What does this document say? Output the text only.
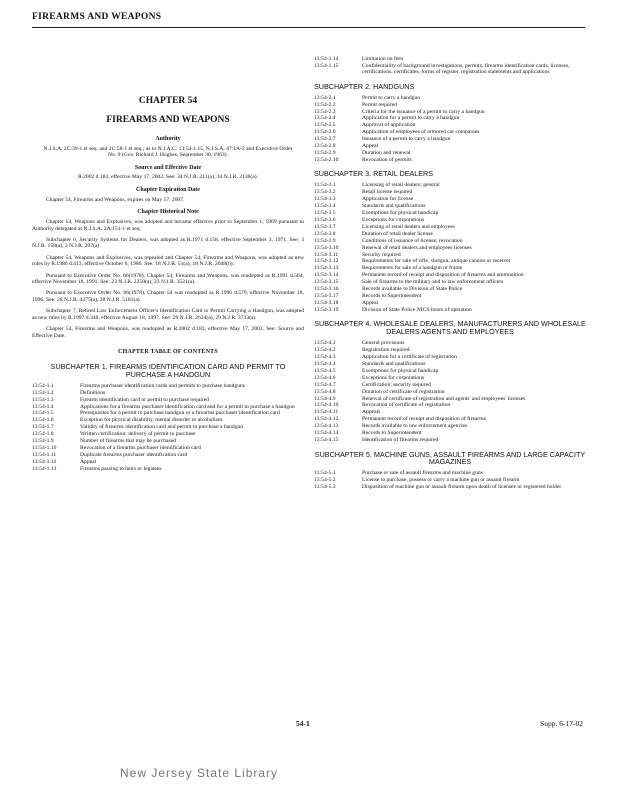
FIREARMS AND WEAPONS
CHAPTER 54
FIREARMS AND WEAPONS
Authority
N.J.S.A. 2C:39-1 et seq. and 2C:58-1 et seq.; as to N.J.A.C. 13:54-1.15, N.J.S.A. 47:1A-2 and Executive Order No. 9 (Gov. Richard J. Hughes, September 30, 1963).
Source and Effective Date
R.2002 d.183, effective May 17, 2002. See: 34 N.J.R. 211(a), 34 N.J.R. 2136(a).
Chapter Expiration Date
Chapter 54, Firearms and Weapons, expires on May 17, 2007.
Chapter Historical Note
Chapter 54, Weapons and Explosives, was adopted and became effective prior to September 1, 1969 pursuant to Authority delegated at N.J.S.A. 2A:151-1 et seq.
Subchapter 6, Security Systems for Dealers, was adopted as R.1971 d.158, effective September 3, 1971. See: 3 N.J.R. 158(a), 3 N.J.R. 207(a).
Chapter 54, Weapons and Explosives, was repealed and Chapter 54, Firearms and Weapons, was adopted as new rules by R.1986 d.413, effective October 6, 1986. See: 18 N.J.R. 51(a), 18 N.J.R. 2048(b).
Pursuant to Executive Order No. 66(1978), Chapter 54, Firearms and Weapons, was readopted as R.1991 d.564, effective November 18, 1991. See: 23 N.J.R. 2250(a), 23 N.J.R. 3521(a).
Pursuant to Executive Order No. 66(1978), Chapter 54 was readopted as R.1996 d.579, effective November 18, 1996. See: 28 N.J.R. 4375(a), 28 N.J.R. 5181(a).
Subchapter 7, Retired Law Enforcement Officer's Identification Card to Permit Carrying a Handgun, was adopted as new rules by R.1997 d.348, effective August 18, 1997. See: 29 N.J.R. 2624(a), 29 N.J.R. 3733(a).
Chapter 54, Firearms and Weapons, was readopted as R.2002 d.183, effective May 17, 2002. See: Source and Effective Date.
CHAPTER TABLE OF CONTENTS
SUBCHAPTER 1. FIREARMS IDENTIFICATION CARD AND PERMIT TO PURCHASE A HANDGUN
13:54-1.1	Firearms purchaser identification cards and permits to purchase handguns
13:54-1.2	Definitions
13:54-1.3	Firearm identification card or permit to purchase required
13:54-1.4	Applications for a firearms purchaser identification card and for a permit to purchase a handgun
13:54-1.5	Prerequisites for a permit to purchase handgun or a firearms purchaser identification card
13:54-1.6	Exception for physical disability, mental disorder or alcoholism
13:54-1.7	Validity of firearms identification card and permit to purchase a handgun
13:54-1.8	Written certification; delivery of permit to purchase
13:54-1.9	Number of firearms that may be purchased
13:54-1.10	Revocation of a firearms purchaser identification card
13:54-1.11	Duplicate firearms purchaser identification card
13:54-1.12	Appeal
13:54-1.13	Firearms passing to heirs or legatees
13:54-1.14	Limitation on fees
13:54-1.15	Confidentiality of background investigations, permits, firearms identification cards, licenses, certifications, certificates, forms of register, registration statements and applications
SUBCHAPTER 2. HANDGUNS
13:54-2.1	Permit to carry a handgun
13:54-2.2	Permit required
13:54-2.3	Criteria for the issuance of a permit to carry a handgun
13:54-2.4	Application for a permit to carry a handgun
13:54-2.5	Approval of application
13:54-2.6	Application of employees of armored car companies
13:54-2.7	Issuance of a permit to carry a handgun
13:54-2.8	Appeal
13:54-2.9	Duration and renewal
13:54-2.10	Revocation of permits
SUBCHAPTER 3. RETAIL DEALERS
13:54-3.1	Licensing of retail dealers; general
13:54-3.2	Retail license required
13:54-3.3	Application for license
13:54-3.4	Standards and qualifications
13:54-3.5	Exemptions for physical handicap
13:54-3.6	Exceptions for corporations
13:54-3.7	Licensing of retail dealers and employees
13:54-3.8	Duration of retail dealer license
13:54-3.9	Conditions of issuance of license; revocation
13:54-3.10	Renewal of retail dealers and employees licenses
13:54-3.11	Security required
13:54-3.12	Requirements for sale of rifle, shotgun, antique cannon or receiver
13:54-3.13	Requirements for sale of a handgun or frame
13:54-3.14	Permanent record of receipt and disposition of firearms and ammunition
13:54-3.15	Sale of firearms to the military and to law enforcement officers
13:54-3.16	Records available to Division of State Police
13:54-3.17	Records to Superintendent
13:54-3.18	Appeal
13:54-3.19	Division of State Police NICS hours of operation
SUBCHAPTER 4. WHOLESALE DEALERS, MANUFACTURERS AND WHOLESALE DEALERS AGENTS AND EMPLOYEES
13:54-4.1	General provisions
13:54-4.2	Registration required
13:54-4.3	Application for a certificate of registration
13:54-4.4	Standards and qualifications
13:54-4.5	Exemptions for physical handicap
13:54-4.6	Exceptions for corporations
13:54-4.7	Certification; security required
13:54-4.8	Duration of certificate of registration
13:54-4.9	Renewal of certificate of registration and agents' and employees' licenses
13:54-4.10	Revocation of certificate of registration
13:54-4.11	Appeals
13:54-4.12	Permanent record of receipt and disposition of firearms
13:54-4.13	Records available to law enforcement agencies
13:54-4.14	Records to Superintendent
13:54-4.15	Identification of firearms required
SUBCHAPTER 5. MACHINE GUNS, ASSAULT FIREARMS AND LARGE CAPACITY MAGAZINES
13:54-5.1	Purchase or sale of assault firearms and machine guns
13:54-5.2	License to purchase, possess or carry a machine gun or assault firearm
13:54-5.3	Disposition of machine gun or assault firearm upon death of licensee or registered holder
54-1	Supp. 6-17-02
New Jersey State Library
